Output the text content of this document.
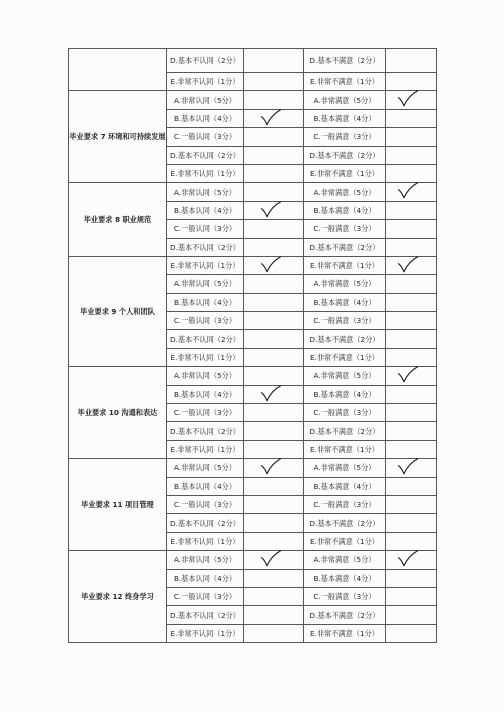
	D.基本不认同（2分）		D.基本不满意（2分）	
	E.非常不认同（1分）		E.非常不满意（1分）	
毕业要求 7 环境和可持续发展	A.非常认同（5分）		A.非常满意（5分）	

	B.基本认同（4分）		B.基本满意（4分）	
	C.一般认同（3分）		C.一般满意（3分）	
	D.基本不认同（2分）		D.基本不满意（2分）	
	E.非常不认同（1分）		E.非常不满意（1分）	
毕业要求 8 职业规范	A.非常认同（5分）		A.非常满意（5分）	

	B.基本认同（4分）		B.基本满意（4分）	
	C.一般认同（3分）		C.一般满意（3分）	
	D.基本不认同（2分）		D.基本不满意（2分）	
毕业要求 9 个人和团队	E.非常不认同（1分）		E.非常不满意（1分）	

	A.非常认同（5分）		A.非常满意（5分）	
	B.基本认同（4分）		B.基本满意（4分）	
	C.一般认同（3分）		C.一般满意（3分）	
	D.基本不认同（2分）		D.基本不满意（2分）	
	E.非常不认同（1分）		E.非常不满意（1分）	
毕业要求 10 沟通和表达	A.非常认同（5分）		A.非常满意（5分）	

	B.基本认同（4分）		B.基本满意（4分）	
	C.一般认同（3分）		C.一般满意（3分）	
	D.基本不认同（2分）		D.基本不满意（2分）	
	E.非常不认同（1分）		E.非常不满意（1分）	
毕业要求 11 项目管理	A.非常认同（5分）		A.非常满意（5分）	

	B.基本认同（4分）		B.基本满意（4分）	
	C.一般认同（3分）		C.一般满意（3分）	
	D.基本不认同（2分）		D.基本不满意（2分）	
	E.非常不认同（1分）		E.非常不满意（1分）	
毕业要求 12 终身学习	A.非常认同（5分）		A.非常满意（5分）	

	B.基本认同（4分）		B.基本满意（4分）	
	C.一般认同（3分）		C.一般满意（3分）	
	D.基本不认同（2分）		D.基本不满意（2分）	
	E.非常不认同（1分）		E.非常不满意（1分）	
